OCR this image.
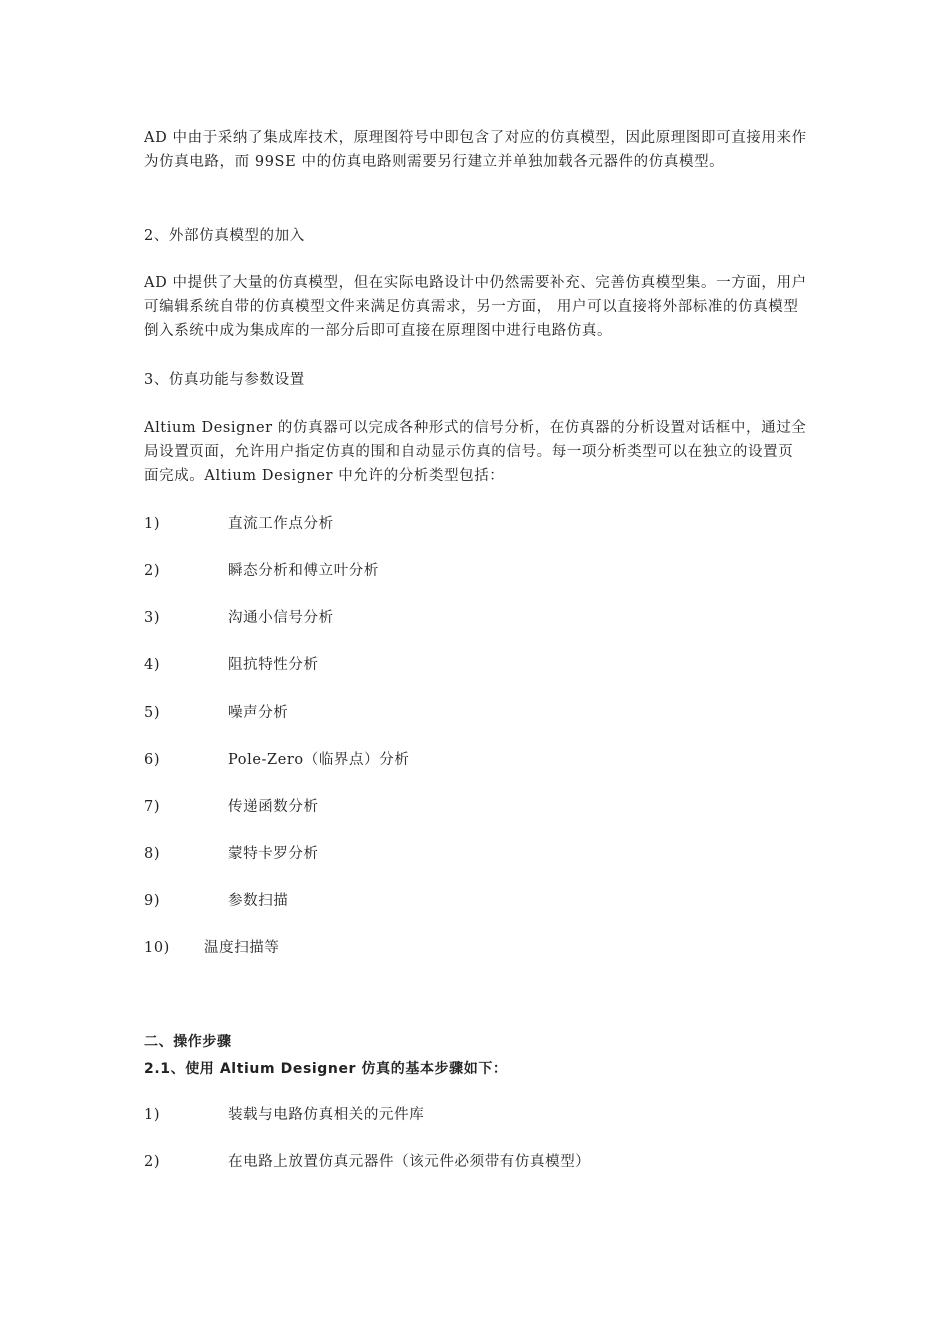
AD 中由于采纳了集成库技术，原理图符号中即包含了对应的仿真模型，因此原理图即可直接用来作为仿真电路，而 99SE 中的仿真电路则需要另行建立并单独加载各元器件的仿真模型。
2、外部仿真模型的加入
AD 中提供了大量的仿真模型，但在实际电路设计中仍然需要补充、完善仿真模型集。一方面，用户可编辑系统自带的仿真模型文件来满足仿真需求，另一方面， 用户可以直接将外部标准的仿真模型倒入系统中成为集成库的一部分后即可直接在原理图中进行电路仿真。
3、仿真功能与参数设置
Altium Designer 的仿真器可以完成各种形式的信号分析，在仿真器的分析设置对话框中，通过全局设置页面，允许用户指定仿真的围和自动显示仿真的信号。每一项分析类型可以在独立的设置页面完成。Altium Designer 中允许的分析类型包括：
1)	直流工作点分析
2)	瞬态分析和傅立叶分析
3)	沟通小信号分析
4)	阻抗特性分析
5)	噪声分析
6)	Pole-Zero（临界点）分析
7)	传递函数分析
8)	蒙特卡罗分析
9)	参数扫描
10) 温度扫描等
二、操作步骤
2.1、使用 Altium Designer 仿真的基本步骤如下：
1)	装载与电路仿真相关的元件库
2)	在电路上放置仿真元器件（该元件必须带有仿真模型）
